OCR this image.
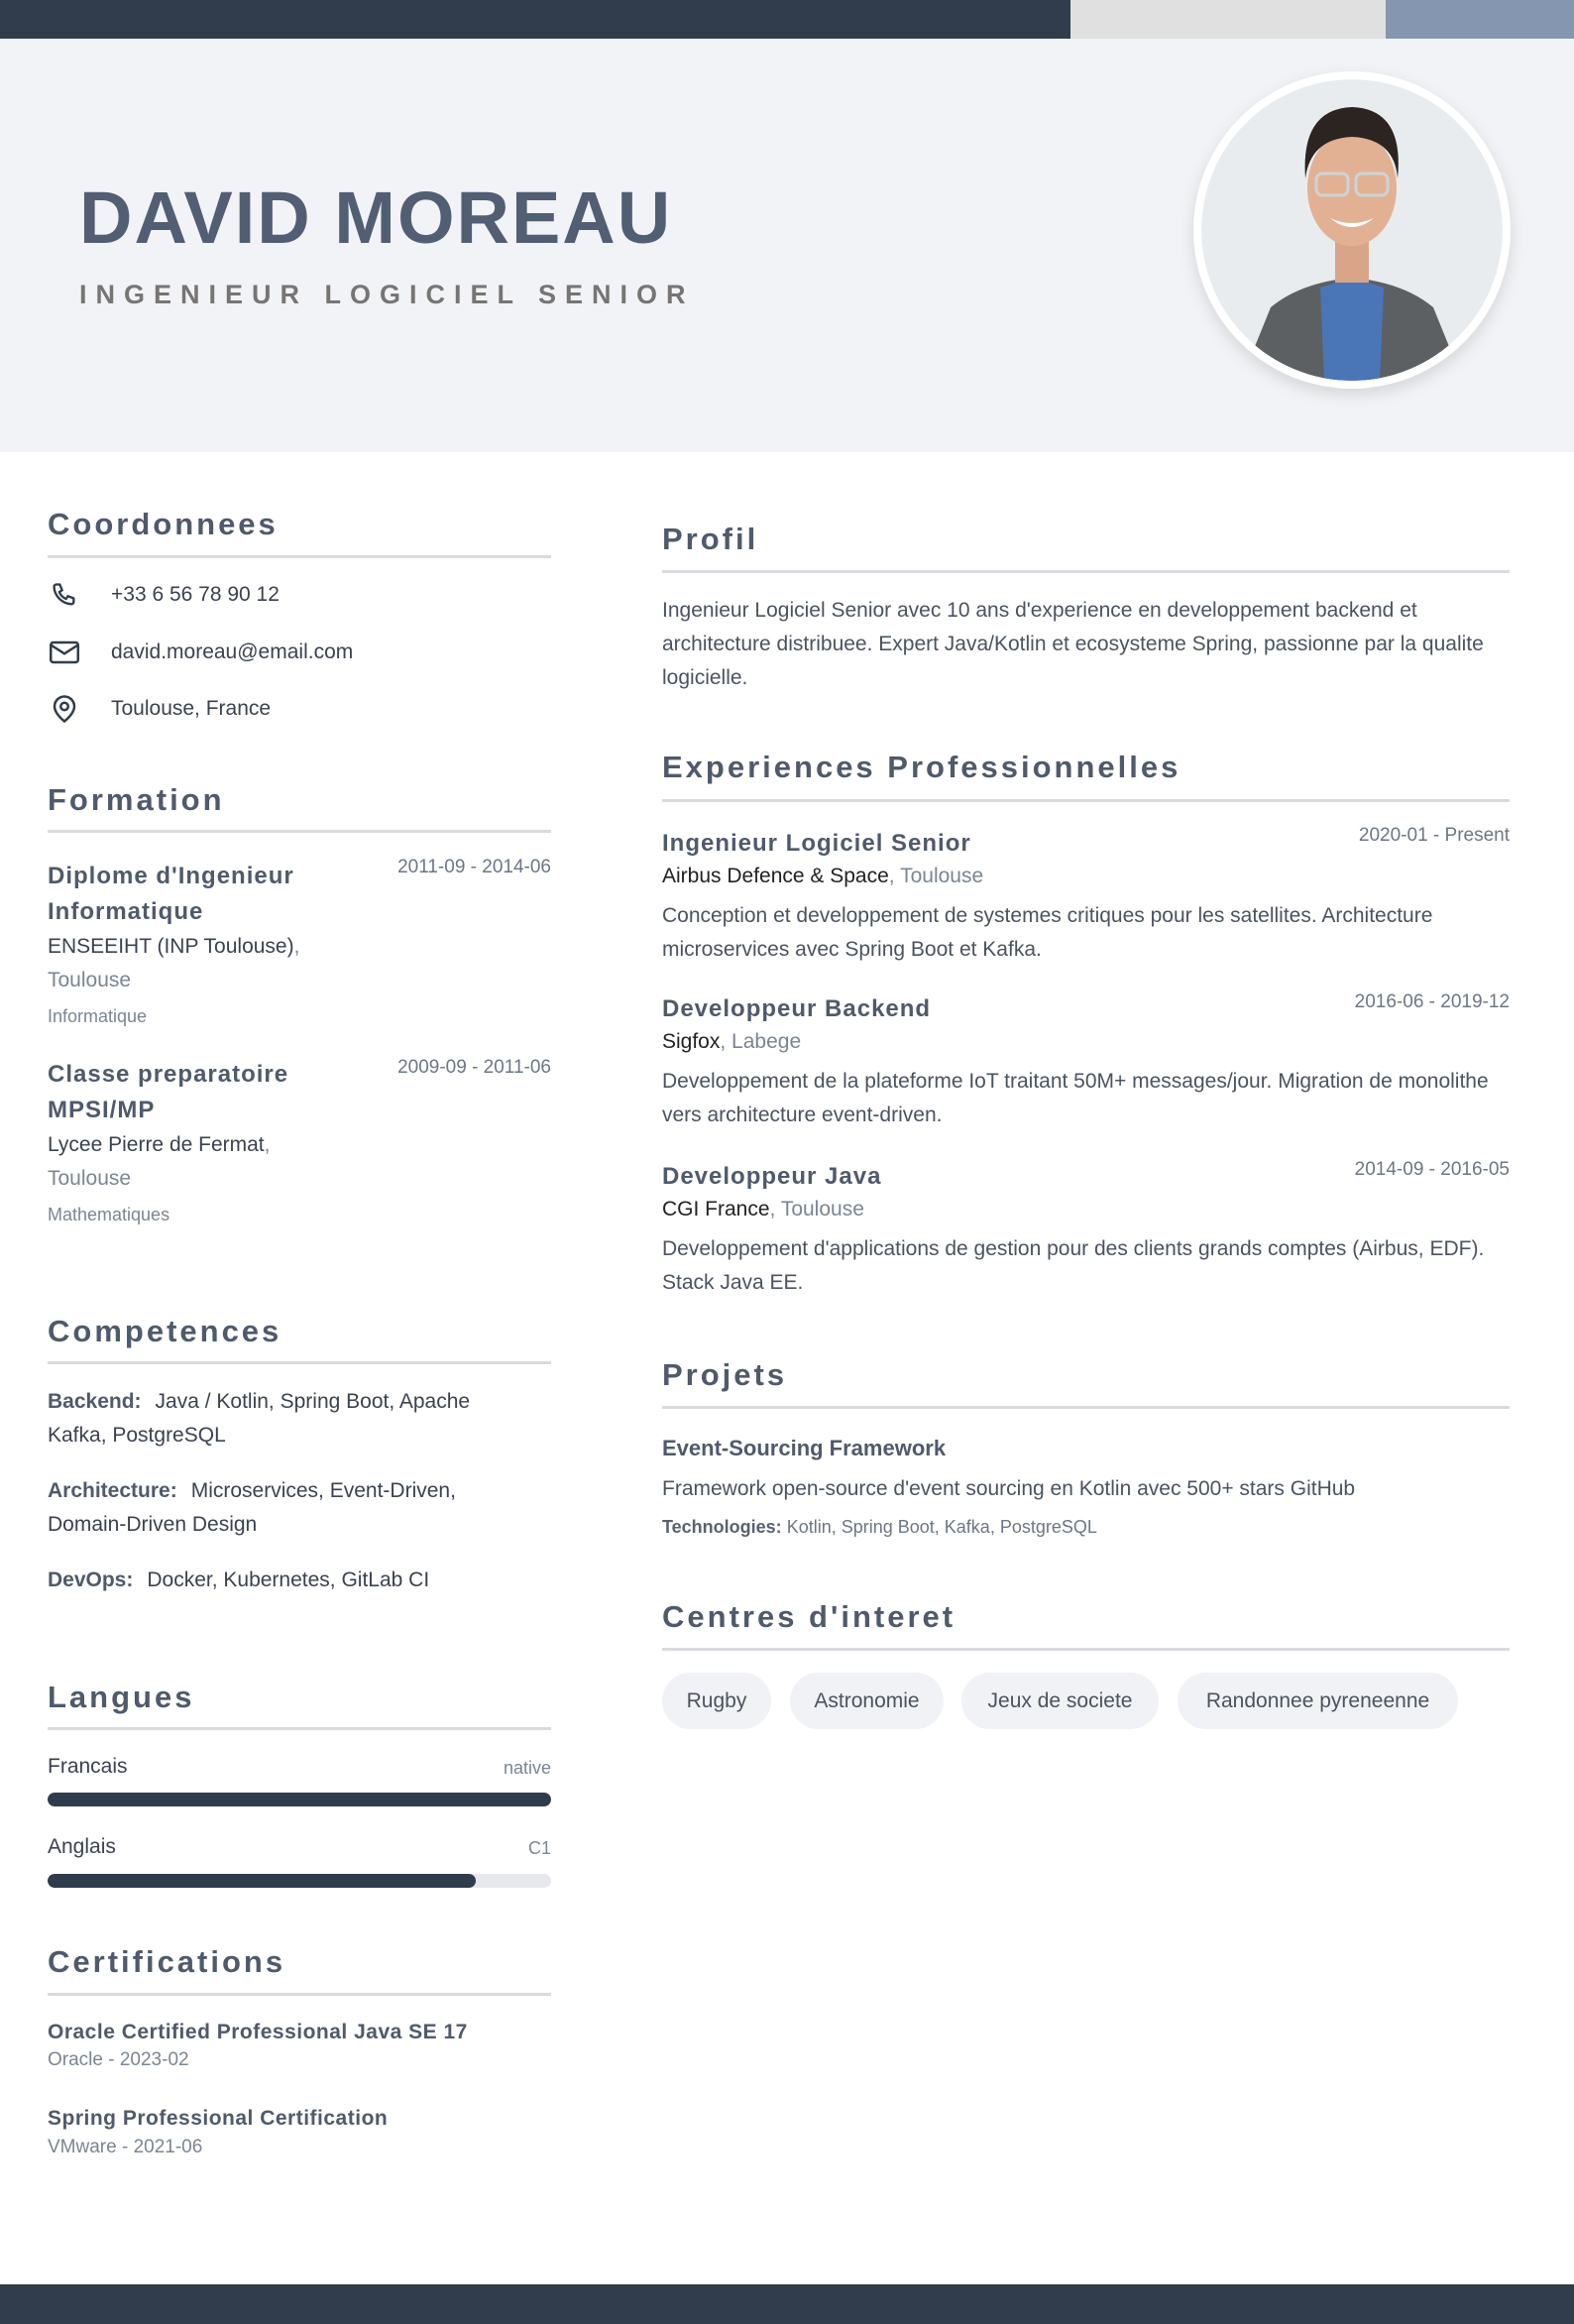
DAVID MOREAU
INGENIEUR LOGICIEL SENIOR
Coordonnees
+33 6 56 78 90 12
david.moreau@email.com
Toulouse, France
Formation
2011-09 - 2014-06
Diplome d'Ingenieur Informatique
ENSEEIHT (INP Toulouse), Toulouse
Informatique
2009-09 - 2011-06
Classe preparatoire MPSI/MP
Lycee Pierre de Fermat, Toulouse
Mathematiques
Competences
Backend: Java / Kotlin, Spring Boot, Apache Kafka, PostgreSQL
Architecture: Microservices, Event-Driven, Domain-Driven Design
DevOps: Docker, Kubernetes, GitLab CI
Langues
Francais	native
Anglais	C1
Certifications
Oracle Certified Professional Java SE 17
Oracle - 2023-02
Spring Professional Certification
VMware - 2021-06
Profil
Ingenieur Logiciel Senior avec 10 ans d'experience en developpement backend et architecture distribuee. Expert Java/Kotlin et ecosysteme Spring, passionne par la qualite logicielle.
Experiences Professionnelles
2020-01 - Present
Ingenieur Logiciel Senior
Airbus Defence & Space, Toulouse
Conception et developpement de systemes critiques pour les satellites. Architecture microservices avec Spring Boot et Kafka.
2016-06 - 2019-12
Developpeur Backend
Sigfox, Labege
Developpement de la plateforme IoT traitant 50M+ messages/jour. Migration de monolithe vers architecture event-driven.
2014-09 - 2016-05
Developpeur Java
CGI France, Toulouse
Developpement d'applications de gestion pour des clients grands comptes (Airbus, EDF). Stack Java EE.
Projets
Event-Sourcing Framework
Framework open-source d'event sourcing en Kotlin avec 500+ stars GitHub
Technologies: Kotlin, Spring Boot, Kafka, PostgreSQL
Centres d'interet
Rugby	Astronomie	Jeux de societe	Randonnee pyreneenne
